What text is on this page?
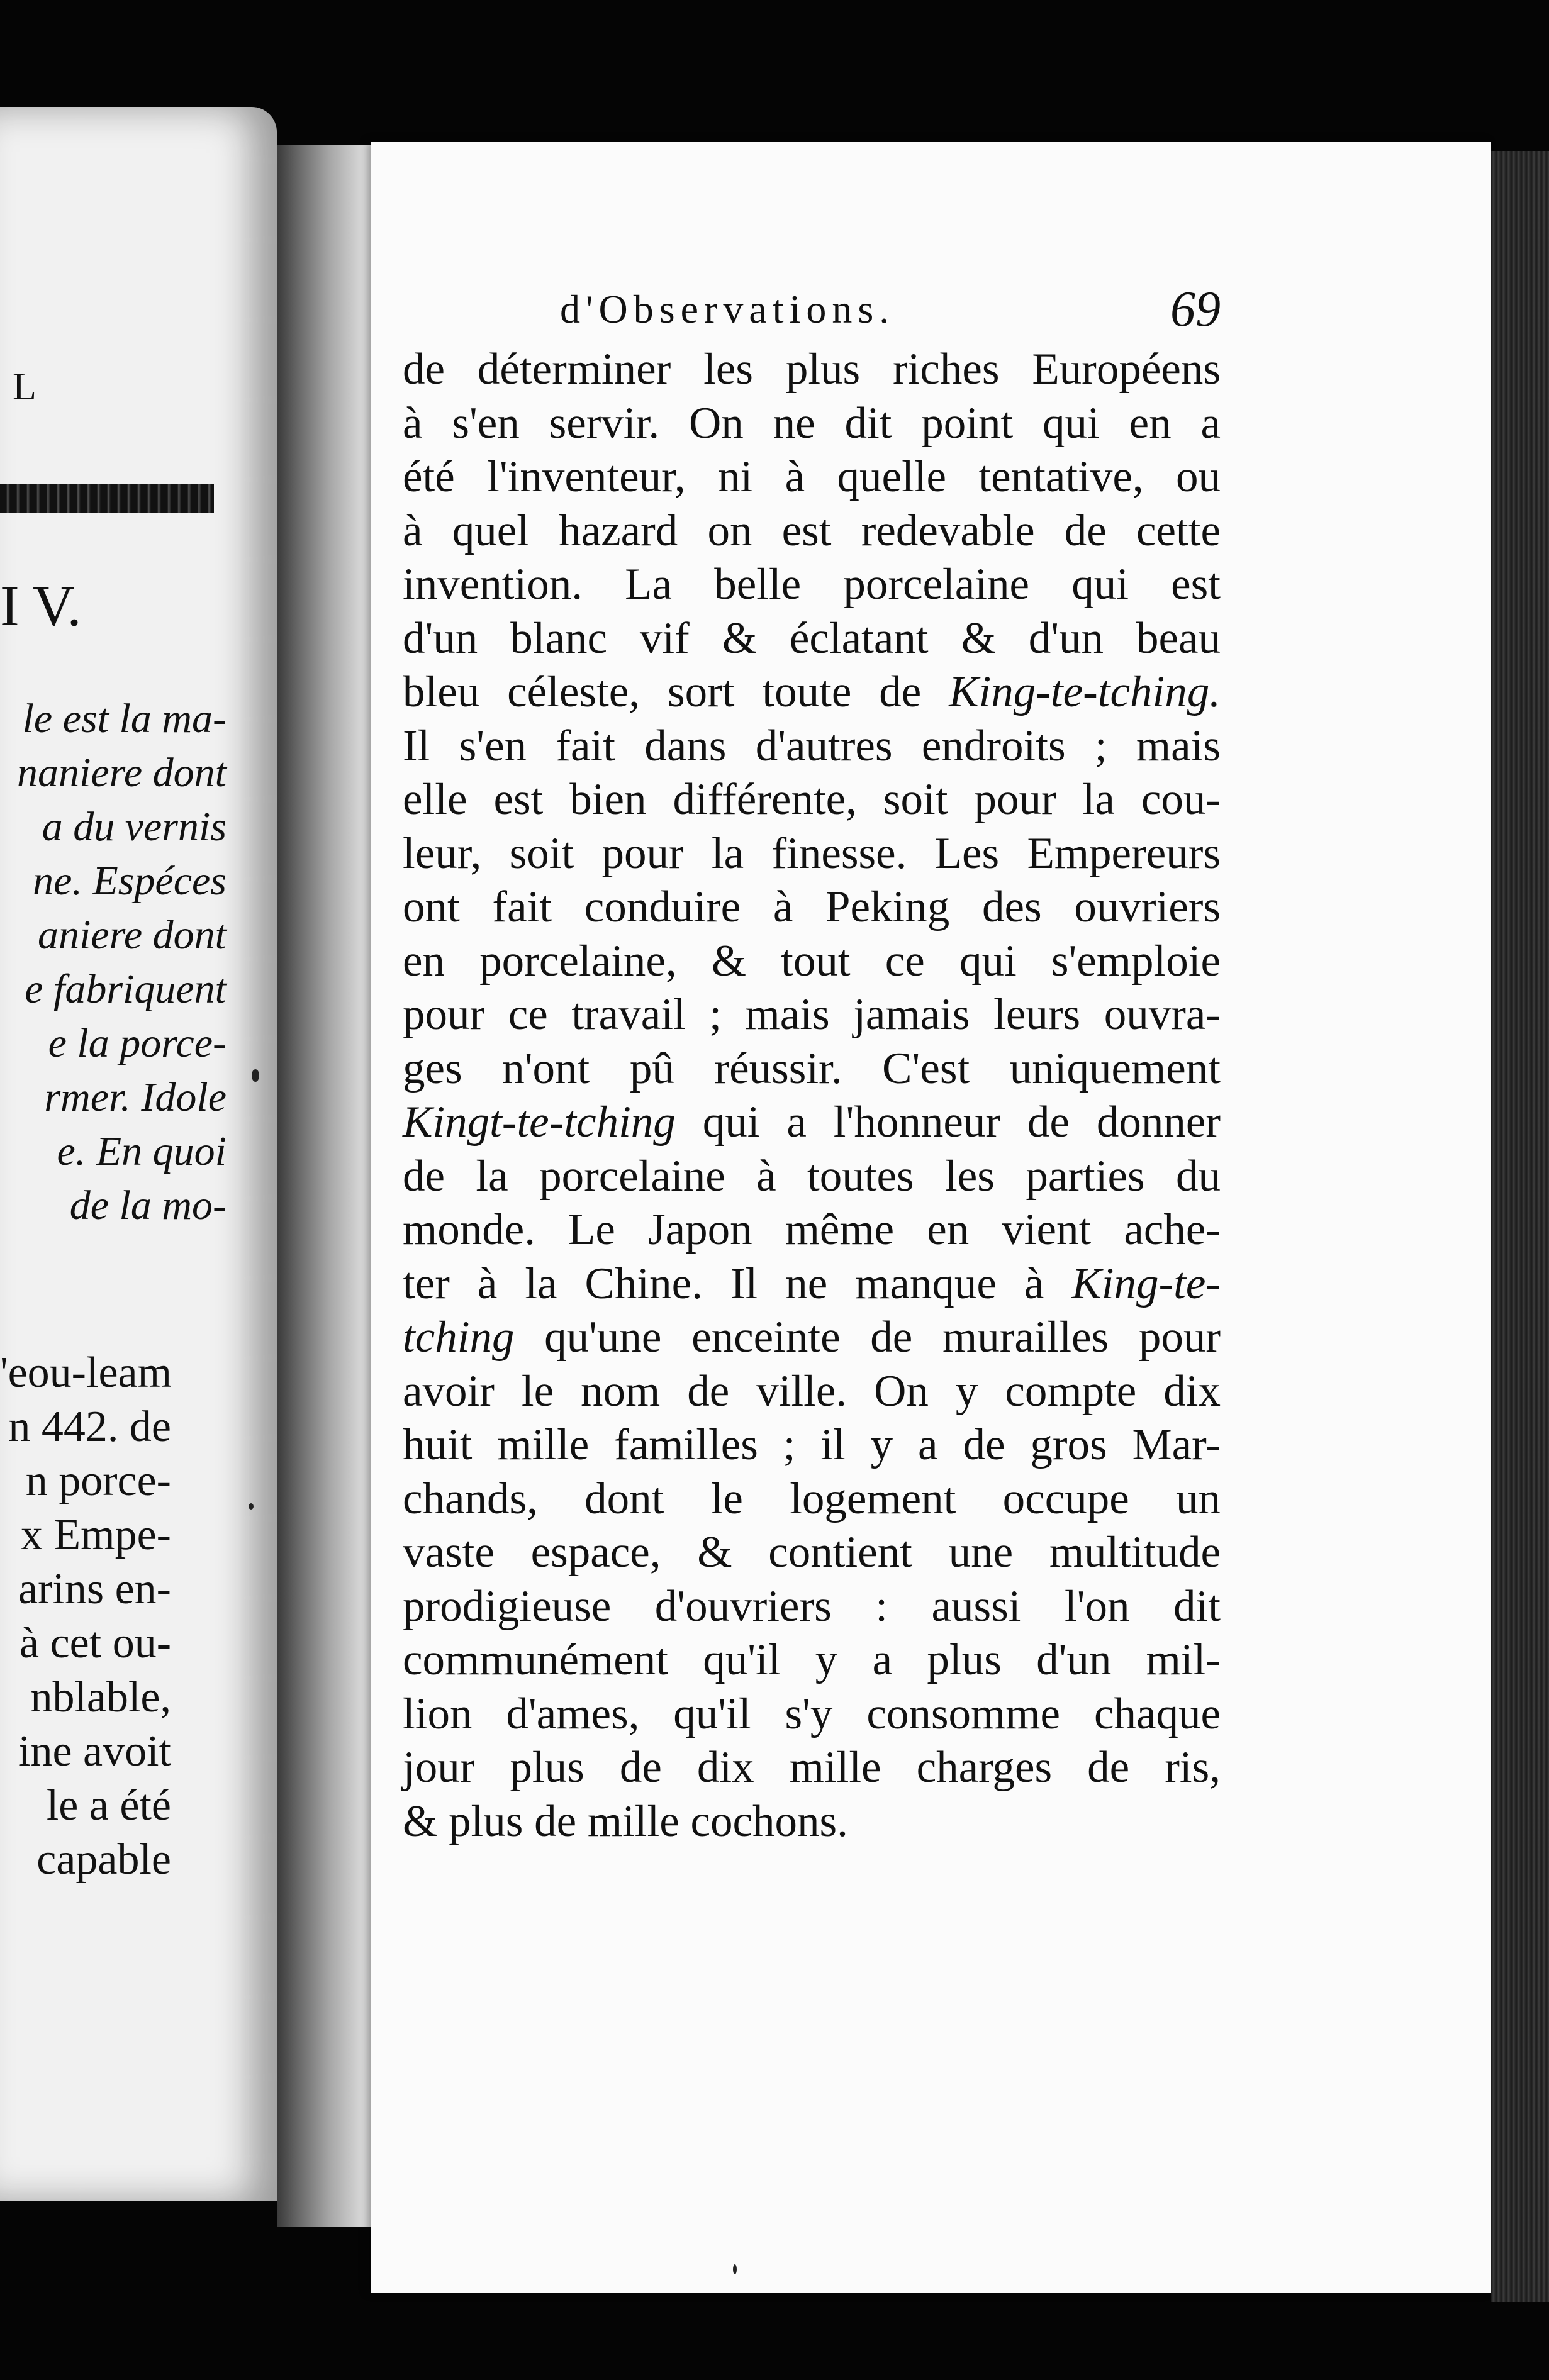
L
I V.
le est la ma-
naniere dont
a du vernis
ne. Espéces
aniere dont
e fabriquent
e la porce-
rmer. Idole
e. En quoi
de la mo-
'eou-leam
n 442. de
n porce-
x Empe-
arins en-
à cet ou-
nblable,
ine avoit
le a été
capable
d'Observations.	69
de déterminer les plus riches Européens
à s'en servir. On ne dit point qui en a
été l'inventeur, ni à quelle tentative, ou
à quel hazard on est redevable de cette
invention. La belle porcelaine qui est
d'un blanc vif & éclatant & d'un beau
bleu céleste, sort toute de King-te-tching.
Il s'en fait dans d'autres endroits ; mais
elle est bien différente, soit pour la cou-
leur, soit pour la finesse. Les Empereurs
ont fait conduire à Peking des ouvriers
en porcelaine, & tout ce qui s'emploie
pour ce travail ; mais jamais leurs ouvra-
ges n'ont pû réussir. C'est uniquement
Kingt-te-tching qui a l'honneur de donner
de la porcelaine à toutes les parties du
monde. Le Japon même en vient ache-
ter à la Chine. Il ne manque à King-te-
tching qu'une enceinte de murailles pour
avoir le nom de ville. On y compte dix
huit mille familles ; il y a de gros Mar-
chands, dont le logement occupe un
vaste espace, & contient une multitude
prodigieuse d'ouvriers : aussi l'on dit
communément qu'il y a plus d'un mil-
lion d'ames, qu'il s'y consomme chaque
jour plus de dix mille charges de ris,
& plus de mille cochons.
